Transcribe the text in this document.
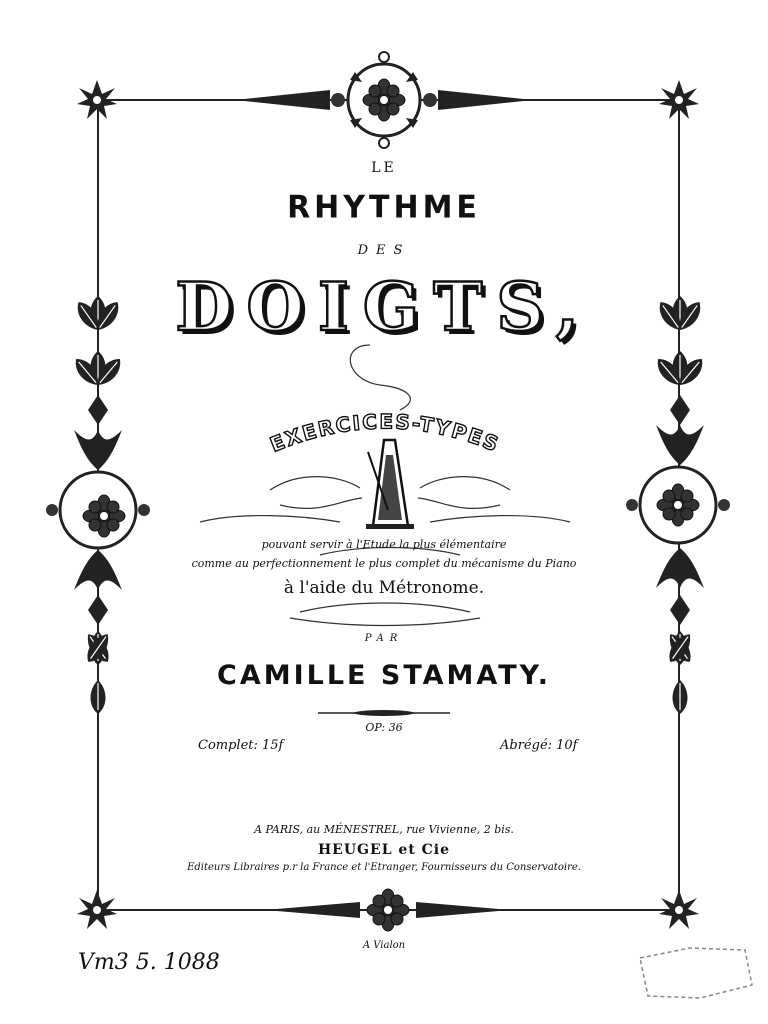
LE
RHYTHME
DES
DOIGTS,
EXERCICES-TYPES
pouvant servir à l'Etude la plus élémentaire
comme au perfectionnement le plus complet du mécanisme du Piano
à l'aide du Métronome.
PAR
CAMILLE STAMATY.
OP: 36
Complet: 15f	Abrégé: 10f
A PARIS, au MÉNESTREL, rue Vivienne, 2 bis.
HEUGEL et Cie
Editeurs Libraires p.r la France et l'Etranger, Fournisseurs du Conservatoire.
A Vialon
Vm3 5. 1088
